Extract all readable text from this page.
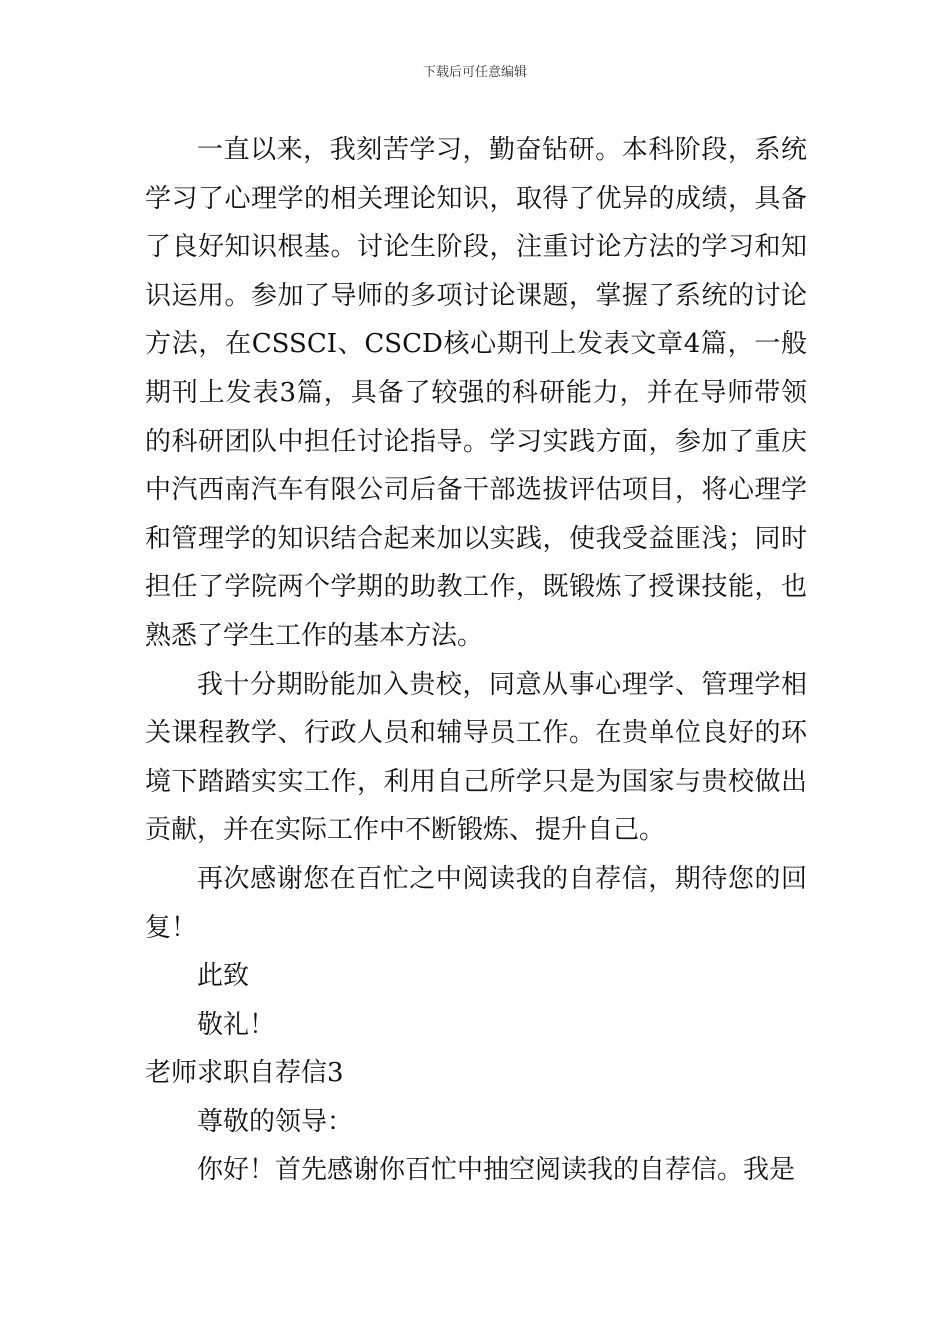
下载后可任意编辑

一直以来，我刻苦学习，勤奋钻研。本科阶段，系统学习了心理学的相关理论知识，取得了优异的成绩，具备了良好知识根基。讨论生阶段，注重讨论方法的学习和知识运用。参加了导师的多项讨论课题，掌握了系统的讨论方法，在CSSCI、CSCD核心期刊上发表文章4篇，一般期刊上发表3篇，具备了较强的科研能力，并在导师带领的科研团队中担任讨论指导。学习实践方面，参加了重庆中汽西南汽车有限公司后备干部选拔评估项目，将心理学和管理学的知识结合起来加以实践，使我受益匪浅；同时担任了学院两个学期的助教工作，既锻炼了授课技能，也熟悉了学生工作的基本方法。

我十分期盼能加入贵校，同意从事心理学、管理学相关课程教学、行政人员和辅导员工作。在贵单位良好的环境下踏踏实实工作，利用自己所学只是为国家与贵校做出贡献，并在实际工作中不断锻炼、提升自己。

再次感谢您在百忙之中阅读我的自荐信，期待您的回复！

此致

敬礼！

老师求职自荐信3

尊敬的领导：

你好！首先感谢你百忙中抽空阅读我的自荐信。我是
